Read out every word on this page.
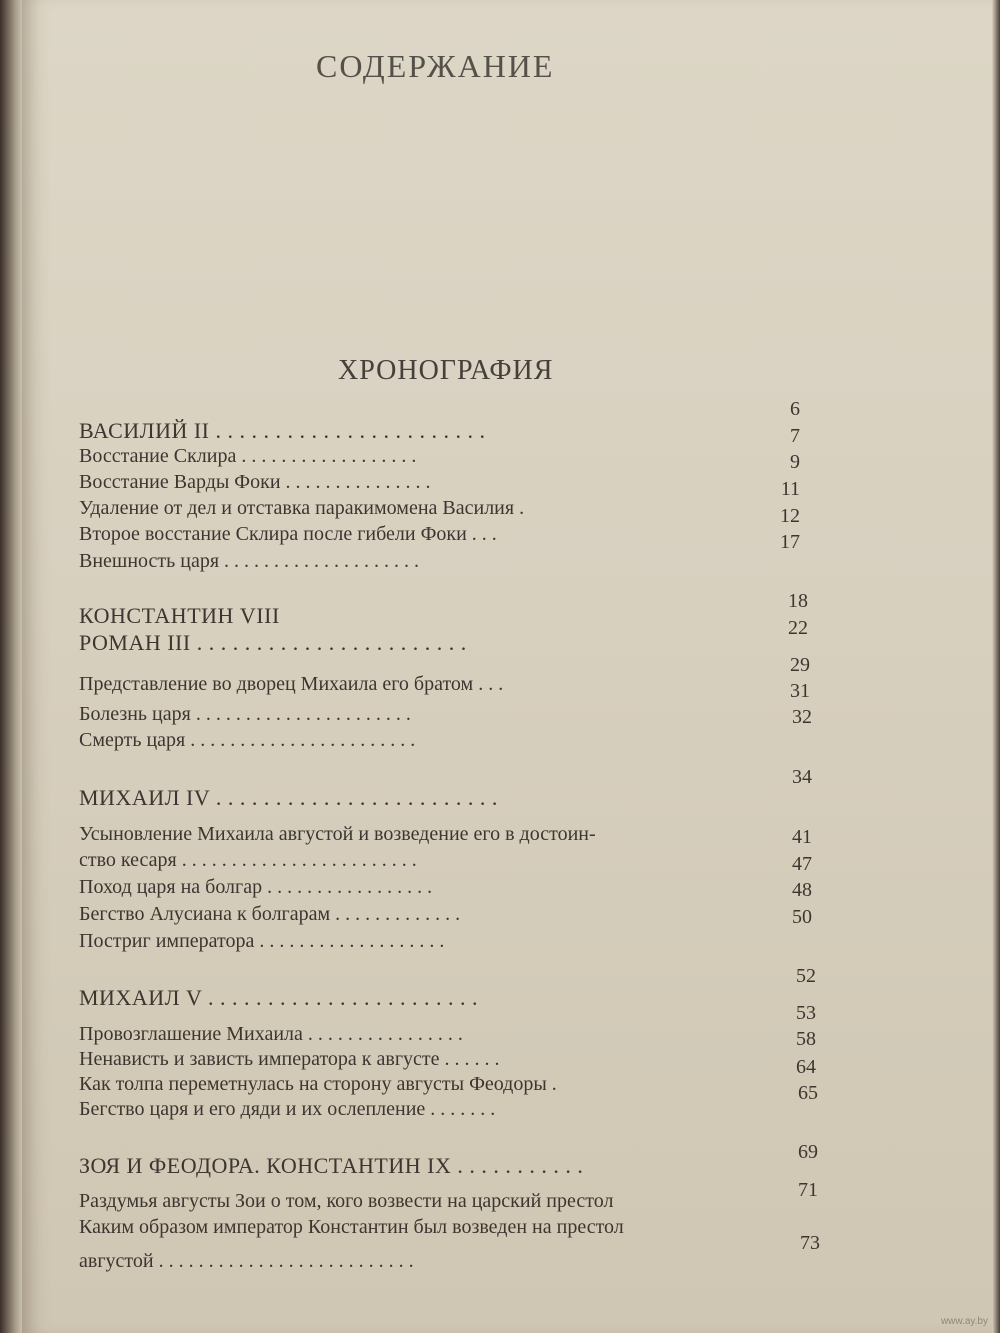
СОДЕРЖАНИЕ
ХРОНОГРАФИЯ
ВАСИЛИЙ II . . . . . . . . . . . . . . . . . . . . . . .
Восстание Склира . . . . . . . . . . . . . . . . . .
Восстание Варды Фоки . . . . . . . . . . . . . . .
Удаление от дел и отставка паракимомена Василия .
Второе восстание Склира после гибели Фоки . . .
Внешность царя . . . . . . . . . . . . . . . . . . . .
КОНСТАНТИН VIII
РОМАН III . . . . . . . . . . . . . . . . . . . . . . .
Представление во дворец Михаила его братом . . .
Болезнь царя . . . . . . . . . . . . . . . . . . . . . .
Смерть царя . . . . . . . . . . . . . . . . . . . . . . .
МИХАИЛ IV . . . . . . . . . . . . . . . . . . . . . . . .
Усыновление Михаила августой и возведение его в достоин-
ство кесаря . . . . . . . . . . . . . . . . . . . . . . . .
Поход царя на болгар . . . . . . . . . . . . . . . . .
Бегство Алусиана к болгарам . . . . . . . . . . . . .
Постриг императора . . . . . . . . . . . . . . . . . . .
МИХАИЛ V . . . . . . . . . . . . . . . . . . . . . . .
Провозглашение Михаила . . . . . . . . . . . . . . . .
Ненависть и зависть императора к августе . . . . . .
Как толпа переметнулась на сторону августы Феодоры .
Бегство царя и его дяди и их ослепление . . . . . . .
ЗОЯ И ФЕОДОРА. КОНСТАНТИН IX . . . . . . . . . . .
Раздумья августы Зои о том, кого возвести на царский престол
Каким образом император Константин был возведен на престол
августой . . . . . . . . . . . . . . . . . . . . . . . . . .
6
7
9
11
12
17
18
22
29
31
32
34
41
47
48
50
52
53
58
64
65
69
71
73
www.ay.by
